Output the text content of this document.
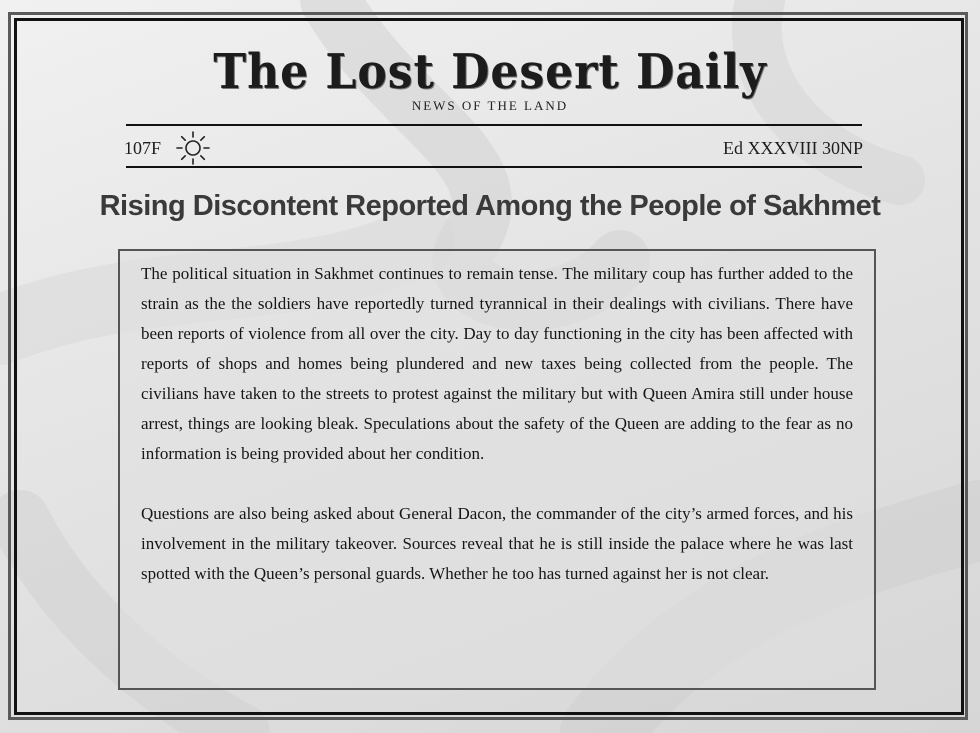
The Lost Desert Daily
NEWS OF THE LAND
107F	Ed XXXVIII 30NP
Rising Discontent Reported Among the People of Sakhmet

The political situation in Sakhmet continues to remain tense. The military coup has further added to the strain as the the soldiers have reportedly turned tyrannical in their dealings with civilians. There have been reports of violence from all over the city. Day to day functioning in the city has been affected with reports of shops and homes being plundered and new taxes being collected from the people. The civilians have taken to the streets to protest against the military but with Queen Amira still under house arrest, things are looking bleak. Speculations about the safety of the Queen are adding to the fear as no information is being provided about her condition.

Questions are also being asked about General Dacon, the commander of the city’s armed forces, and his involvement in the military takeover. Sources reveal that he is still inside the palace where he was last spotted with the Queen’s personal guards. Whether he too has turned against her is not clear.
